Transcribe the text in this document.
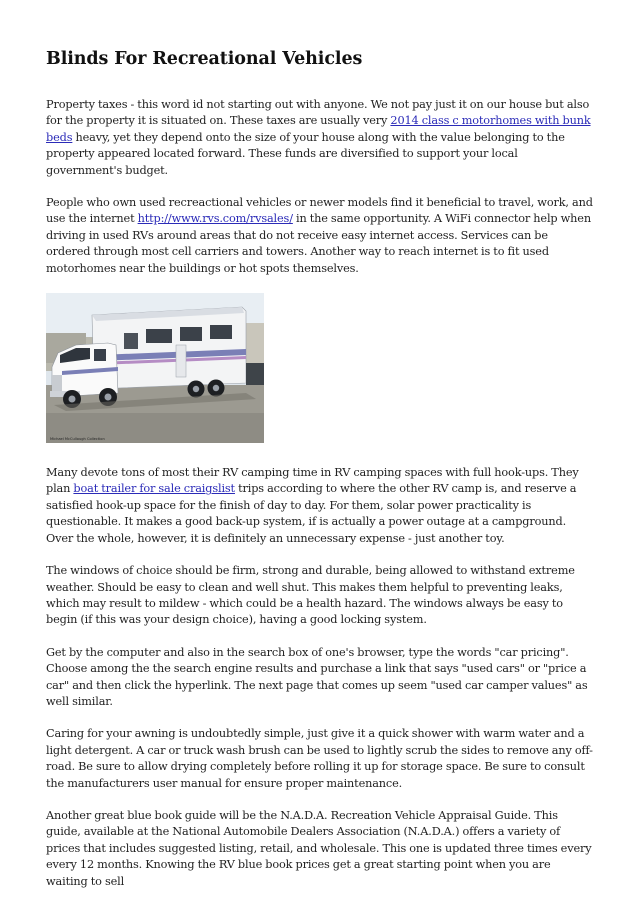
Blinds For Recreational Vehicles

Property taxes - this word id not starting out with anyone. We not pay just it on our house but also for the property it is situated on. These taxes are usually very 2014 class c motorhomes with bunk beds heavy, yet they depend onto the size of your house along with the value belonging to the property appeared located forward. These funds are diversified to support your local government's budget.

People who own used recreactional vehicles or newer models find it beneficial to travel, work, and use the internet http://www.rvs.com/rvsales/ in the same opportunity. A WiFi connector help when driving in used RVs around areas that do not receive easy internet access. Services can be ordered through most cell carriers and towers. Another way to reach internet is to fit used motorhomes near the buildings or hot spots themselves.

Michael McCullough Collection

Many devote tons of most their RV camping time in RV camping spaces with full hook-ups. They plan boat trailer for sale craigslist trips according to where the other RV camp is, and reserve a satisfied hook-up space for the finish of day to day. For them, solar power practicality is questionable. It makes a good back-up system, if is actually a power outage at a campground. Over the whole, however, it is definitely an unnecessary expense - just another toy.

The windows of choice should be firm, strong and durable, being allowed to withstand extreme weather. Should be easy to clean and well shut. This makes them helpful to preventing leaks, which may result to mildew - which could be a health hazard. The windows always be easy to begin (if this was your design choice), having a good locking system.

Get by the computer and also in the search box of one's browser, type the words "car pricing". Choose among the the search engine results and purchase a link that says "used cars" or "price a car" and then click the hyperlink. The next page that comes up seem "used car camper values" as well similar.

Caring for your awning is undoubtedly simple, just give it a quick shower with warm water and a light detergent. A car or truck wash brush can be used to lightly scrub the sides to remove any off-road. Be sure to allow drying completely before rolling it up for storage space. Be sure to consult the manufacturers user manual for ensure proper maintenance.

Another great blue book guide will be the N.A.D.A. Recreation Vehicle Appraisal Guide. This guide, available at the National Automobile Dealers Association (N.A.D.A.) offers a variety of prices that includes suggested listing, retail, and wholesale. This one is updated three times every every 12 months. Knowing the RV blue book prices get a great starting point when you are waiting to sell
